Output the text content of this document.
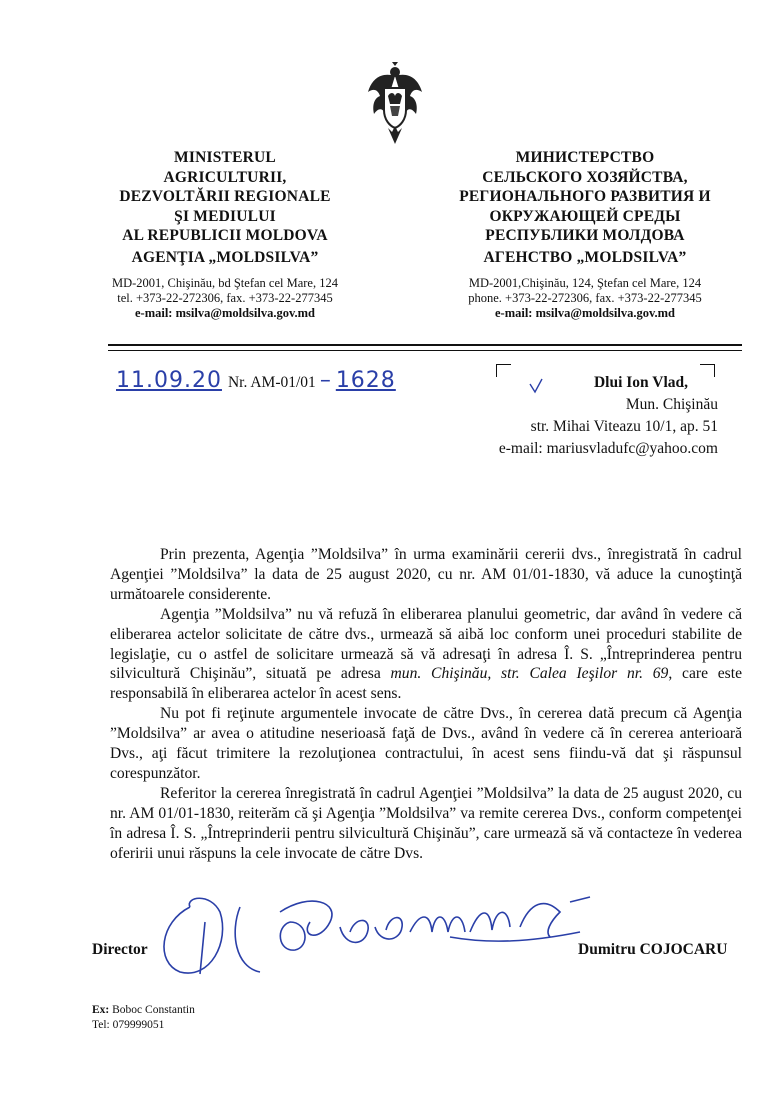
MINISTERUL
AGRICULTURII,
DEZVOLTĂRII REGIONALE
ŞI MEDIULUI
AL REPUBLICII MOLDOVA
AGENŢIA „MOLDSILVA”
MD-2001, Chişinău, bd Ştefan cel Mare, 124
tel. +373-22-272306, fax. +373-22-277345
e-mail: msilva@moldsilva.gov.md
МИНИСТЕРСТВО
СЕЛЬСКОГО ХОЗЯЙСТВА,
РЕГИОНАЛЬНОГО РАЗВИТИЯ И
ОКРУЖАЮЩЕЙ СРЕДЫ
РЕСПУБЛИКИ МОЛДОВА
АГЕНСТВО „MOLDSILVA”
MD-2001,Chişinău, 124, Ştefan cel Mare, 124
phone. +373-22-272306, fax. +373-22-277345
e-mail: msilva@moldsilva.gov.md
11.09.20 Nr. AM-01/01 – 1628	Dlui Ion Vlad,
Mun. Chişinău
str. Mihai Viteazu 10/1, ap. 51
e-mail: mariusvladufc@yahoo.com

Prin prezenta, Agenţia ”Moldsilva” în urma examinării cererii dvs., înregistrată în cadrul Agenţiei ”Moldsilva” la data de 25 august 2020, cu nr. AM 01/01-1830, vă aduce la cunoştinţă următoarele considerente.

Agenţia ”Moldsilva” nu vă refuză în eliberarea planului geometric, dar având în vedere că eliberarea actelor solicitate de către dvs., urmează să aibă loc conform unei proceduri stabilite de legislaţie, cu o astfel de solicitare urmează să vă adresaţi în adresa Î. S. „Întreprinderea pentru silvicultură Chişinău”, situată pe adresa mun. Chişinău, str. Calea Ieşilor nr. 69, care este responsabilă în eliberarea actelor în acest sens.

Nu pot fi reţinute argumentele invocate de către Dvs., în cererea dată precum că Agenţia ”Moldsilva” ar avea o atitudine neserioasă faţă de Dvs., având în vedere că în cererea anterioară Dvs., aţi făcut trimitere la rezoluţionea contractului, în acest sens fiindu-vă dat şi răspunsul corespunzător.

Referitor la cererea înregistrată în cadrul Agenţiei ”Moldsilva” la data de 25 august 2020, cu nr. AM 01/01-1830, reiterăm că şi Agenţia ”Moldsilva” va remite cererea Dvs., conform competenţei în adresa Î. S. „Întreprinderii pentru silvicultură Chişinău”, care urmează să vă contacteze în vederea oferirii unui răspuns la cele invocate de către Dvs.

Director	Dumitru COJOCARU
Ex: Boboc Constantin
Tel: 079999051
